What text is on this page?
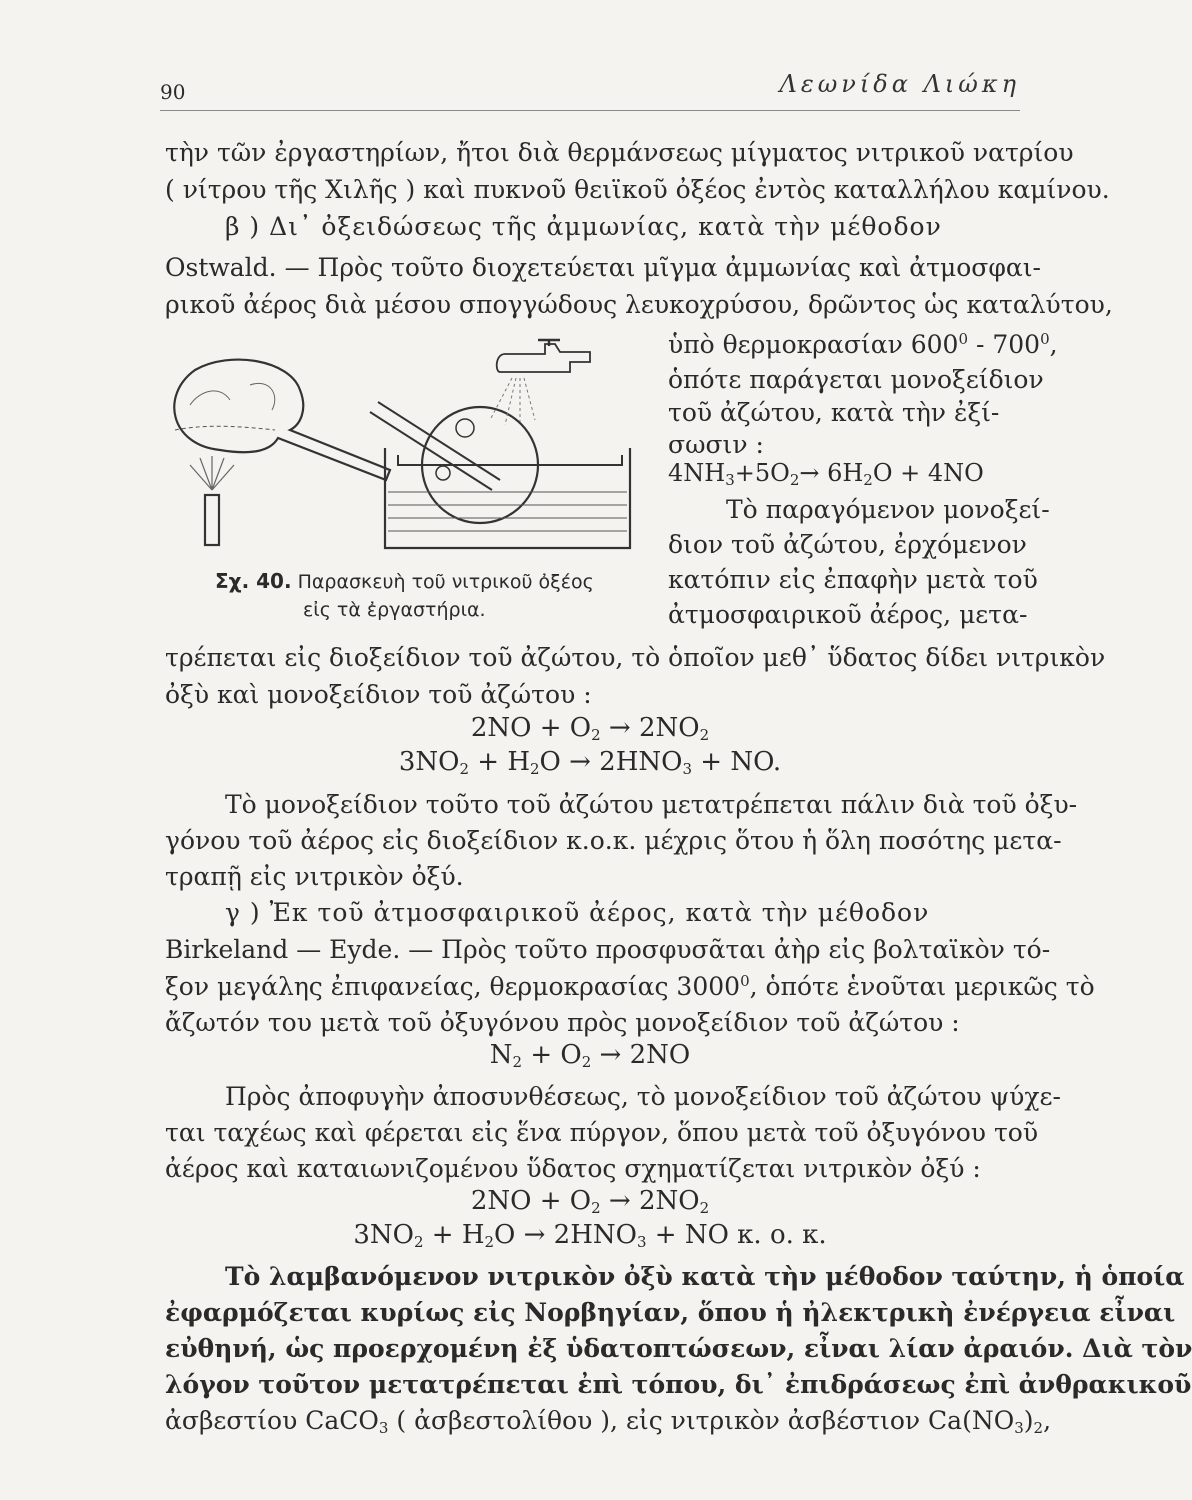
90	Λεωνίδα Λιώκη
τὴν τῶν ἐργαστηρίων, ἤτοι διὰ θερμάνσεως μίγματος νιτρικοῦ νατρίου
( νίτρου τῆς Χιλῆς ) καὶ πυκνοῦ θειϊκοῦ ὀξέος ἐντὸς καταλλήλου καμίνου.
β ) Δι᾽ ὀξειδώσεως τῆς ἀμμωνίας, κατὰ τὴν μέθοδον
Ostwald. — Πρὸς τοῦτο διοχετεύεται μῖγμα ἀμμωνίας καὶ ἀτμοσφαι-
ρικοῦ ἀέρος διὰ μέσου σπογγώδους λευκοχρύσου, δρῶντος ὡς καταλύτου,
ὑπὸ θερμοκρασίαν $600^0 - 700^0$,
ὁπότε παράγεται μονοξείδιον
τοῦ ἀζώτου, κατὰ τὴν ἐξί-
σωσιν :
$4NH_3+5O_2\to 6H_2O + 4NO$
Τὸ παραγόμενον μονοξεί-
διον τοῦ ἀζώτου, ἐρχόμενον
κατόπιν εἰς ἐπαφὴν μετὰ τοῦ
ἀτμοσφαιρικοῦ ἀέρος, μετα-
Σχ. 40. Παρασκευὴ τοῦ νιτρικοῦ ὀξέος
εἰς τὰ ἐργαστήρια.
τρέπεται εἰς διοξείδιον τοῦ ἀζώτου, τὸ ὁποῖον μεθ᾽ ὕδατος δίδει νιτρικὸν
ὀξὺ καὶ μονοξείδιον τοῦ ἀζώτου :
$2NO + O_2 \to 2NO_2$
$3NO_2 + H_2O \to 2HNO_3$ + NO.
Τὸ μονοξείδιον τοῦτο τοῦ ἀζώτου μετατρέπεται πάλιν διὰ τοῦ ὀξυ-
γόνου τοῦ ἀέρος εἰς διοξείδιον κ.ο.κ. μέχρις ὅτου ἡ ὅλη ποσότης μετα-
τραπῇ εἰς νιτρικὸν ὀξύ.
γ ) Ἐκ τοῦ ἀτμοσφαιρικοῦ ἀέρος, κατὰ τὴν μέθοδον
Birkeland — Eyde. — Πρὸς τοῦτο προσφυσᾶται ἀὴρ εἰς βολταϊκὸν τό-
ξον μεγάλης ἐπιφανείας, θερμοκρασίας 3000$^0$, ὁπότε ἑνοῦται μερικῶς τὸ
ἄζωτόν του μετὰ τοῦ ὀξυγόνου πρὸς μονοξείδιον τοῦ ἀζώτου :
$N_2 + O_2 \to 2NO$
Πρὸς ἀποφυγὴν ἀποσυνθέσεως, τὸ μονοξείδιον τοῦ ἀζώτου ψύχε-
ται ταχέως καὶ φέρεται εἰς ἕνα πύργον, ὅπου μετὰ τοῦ ὀξυγόνου τοῦ
ἀέρος καὶ καταιωνιζομένου ὕδατος σχηματίζεται νιτρικὸν ὀξύ :
$2NO + O_2 \to 2NO_2$
$3NO_2 + H_2O \to 2HNO_3$ + NO κ. ο. κ.
Τὸ λαμβανόμενον νιτρικὸν ὀξὺ κατὰ τὴν μέθοδον ταύτην, ἡ ὁποία
ἐφαρμόζεται κυρίως εἰς Νορβηγίαν, ὅπου ἡ ἠλεκτρικὴ ἐνέργεια εἶναι
εὐθηνή, ὡς προερχομένη ἐξ ὑδατοπτώσεων, εἶναι λίαν ἀραιόν. Διὰ τὸν
λόγον τοῦτον μετατρέπεται ἐπὶ τόπου, δι᾽ ἐπιδράσεως ἐπὶ ἀνθρακικοῦ
ἀσβεστίου CaCO$_3$ ( ἀσβεστολίθου ), εἰς νιτρικὸν ἀσβέστιον $Ca(NO_3)_2$,
